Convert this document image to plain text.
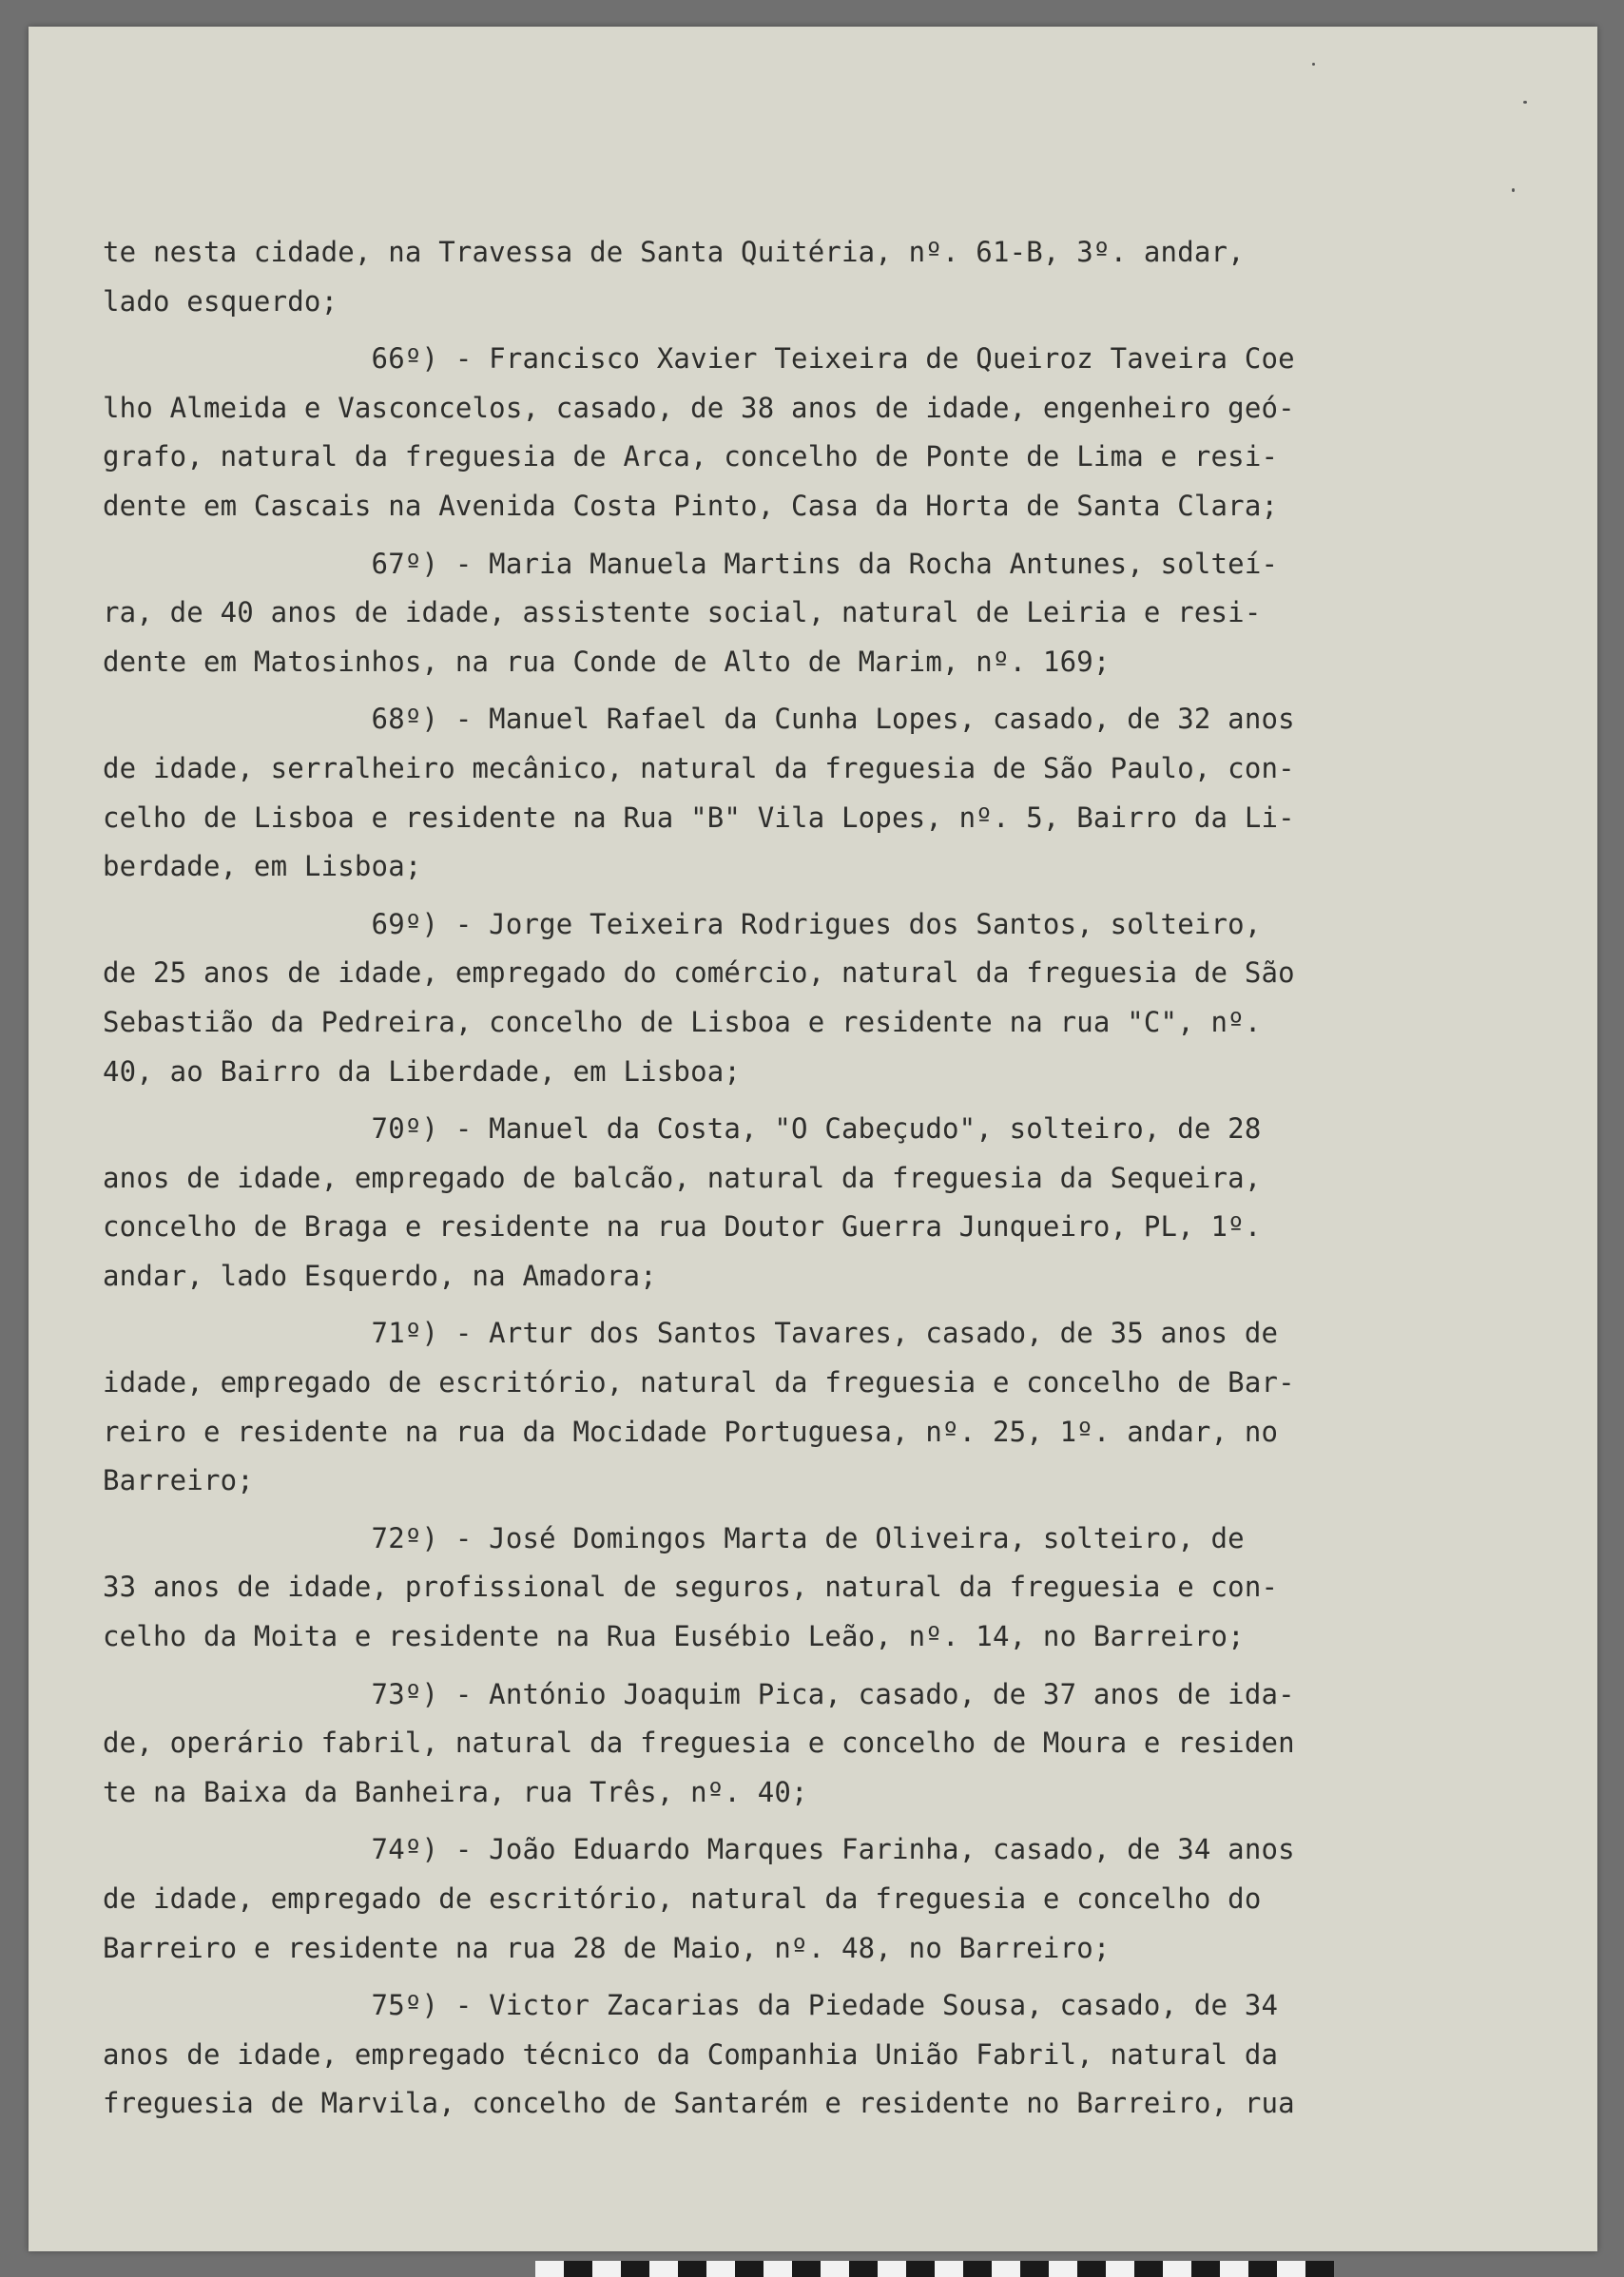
te nesta cidade, na Travessa de Santa Quitéria, nº. 61-B, 3º. andar,
lado esquerdo;
66º) - Francisco Xavier Teixeira de Queiroz Taveira Coe
lho Almeida e Vasconcelos, casado, de 38 anos de idade, engenheiro geó-
grafo, natural da freguesia de Arca, concelho de Ponte de Lima e resi-
dente em Cascais na Avenida Costa Pinto, Casa da Horta de Santa Clara;
67º) - Maria Manuela Martins da Rocha Antunes, solteí-
ra, de 40 anos de idade, assistente social, natural de Leiria e resi-
dente em Matosinhos, na rua Conde de Alto de Marim, nº. 169;
68º) - Manuel Rafael da Cunha Lopes, casado, de 32 anos
de idade, serralheiro mecânico, natural da freguesia de São Paulo, con-
celho de Lisboa e residente na Rua "B" Vila Lopes, nº. 5, Bairro da Li-
berdade, em Lisboa;
69º) - Jorge Teixeira Rodrigues dos Santos, solteiro,
de 25 anos de idade, empregado do comércio, natural da freguesia de São
Sebastião da Pedreira, concelho de Lisboa e residente na rua "C", nº.
40, ao Bairro da Liberdade, em Lisboa;
70º) - Manuel da Costa, "O Cabeçudo", solteiro, de 28
anos de idade, empregado de balcão, natural da freguesia da Sequeira,
concelho de Braga e residente na rua Doutor Guerra Junqueiro, PL, 1º.
andar, lado Esquerdo, na Amadora;
71º) - Artur dos Santos Tavares, casado, de 35 anos de
idade, empregado de escritório, natural da freguesia e concelho de Bar-
reiro e residente na rua da Mocidade Portuguesa, nº. 25, 1º. andar, no
Barreiro;
72º) - José Domingos Marta de Oliveira, solteiro, de
33 anos de idade, profissional de seguros, natural da freguesia e con-
celho da Moita e residente na Rua Eusébio Leão, nº. 14, no Barreiro;
73º) - António Joaquim Pica, casado, de 37 anos de ida-
de, operário fabril, natural da freguesia e concelho de Moura e residen
te na Baixa da Banheira, rua Três, nº. 40;
74º) - João Eduardo Marques Farinha, casado, de 34 anos
de idade, empregado de escritório, natural da freguesia e concelho do
Barreiro e residente na rua 28 de Maio, nº. 48, no Barreiro;
75º) - Victor Zacarias da Piedade Sousa, casado, de 34
anos de idade, empregado técnico da Companhia União Fabril, natural da
freguesia de Marvila, concelho de Santarém e residente no Barreiro, rua
